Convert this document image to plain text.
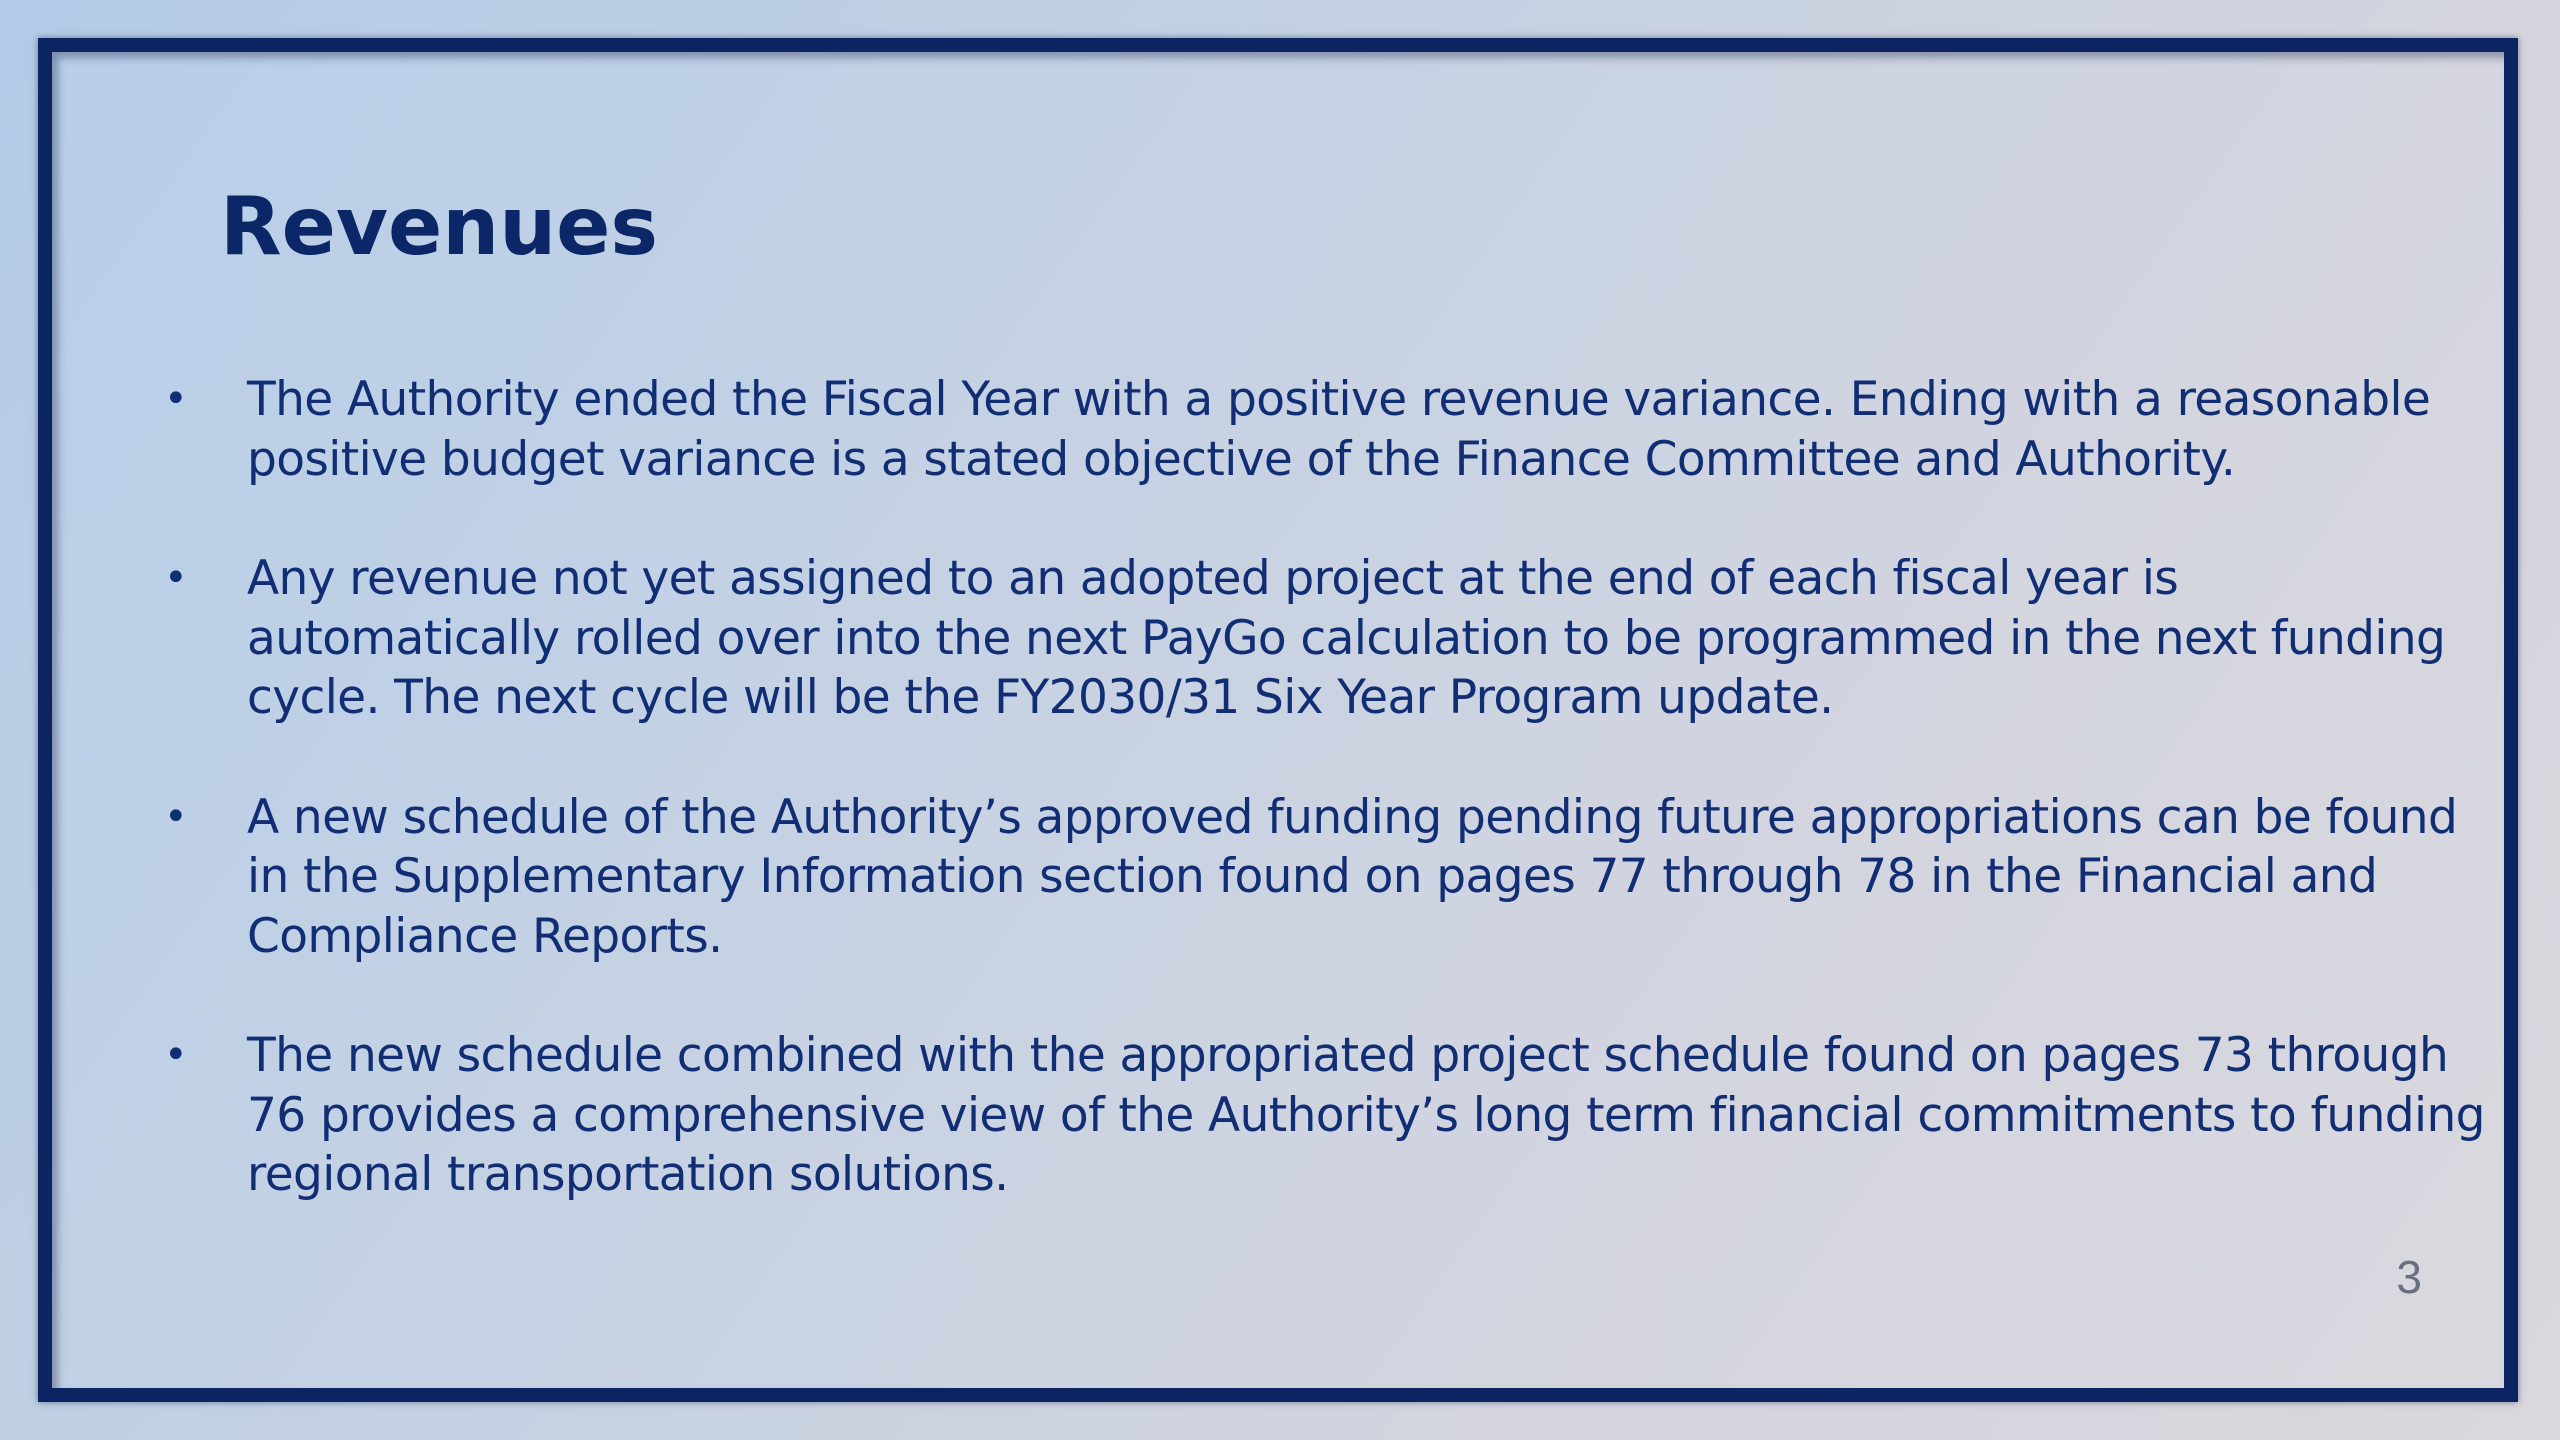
Revenues
• The Authority ended the Fiscal Year with a positive revenue variance. Ending with a reasonable positive budget variance is a stated objective of the Finance Committee and Authority.
• Any revenue not yet assigned to an adopted project at the end of each fiscal year is automatically rolled over into the next PayGo calculation to be programmed in the next funding cycle. The next cycle will be the FY2030/31 Six Year Program update.
• A new schedule of the Authority’s approved funding pending future appropriations can be found in the Supplementary Information section found on pages 77 through 78 in the Financial and Compliance Reports.
• The new schedule combined with the appropriated project schedule found on pages 73 through 76 provides a comprehensive view of the Authority’s long term financial commitments to funding regional transportation solutions.
3
